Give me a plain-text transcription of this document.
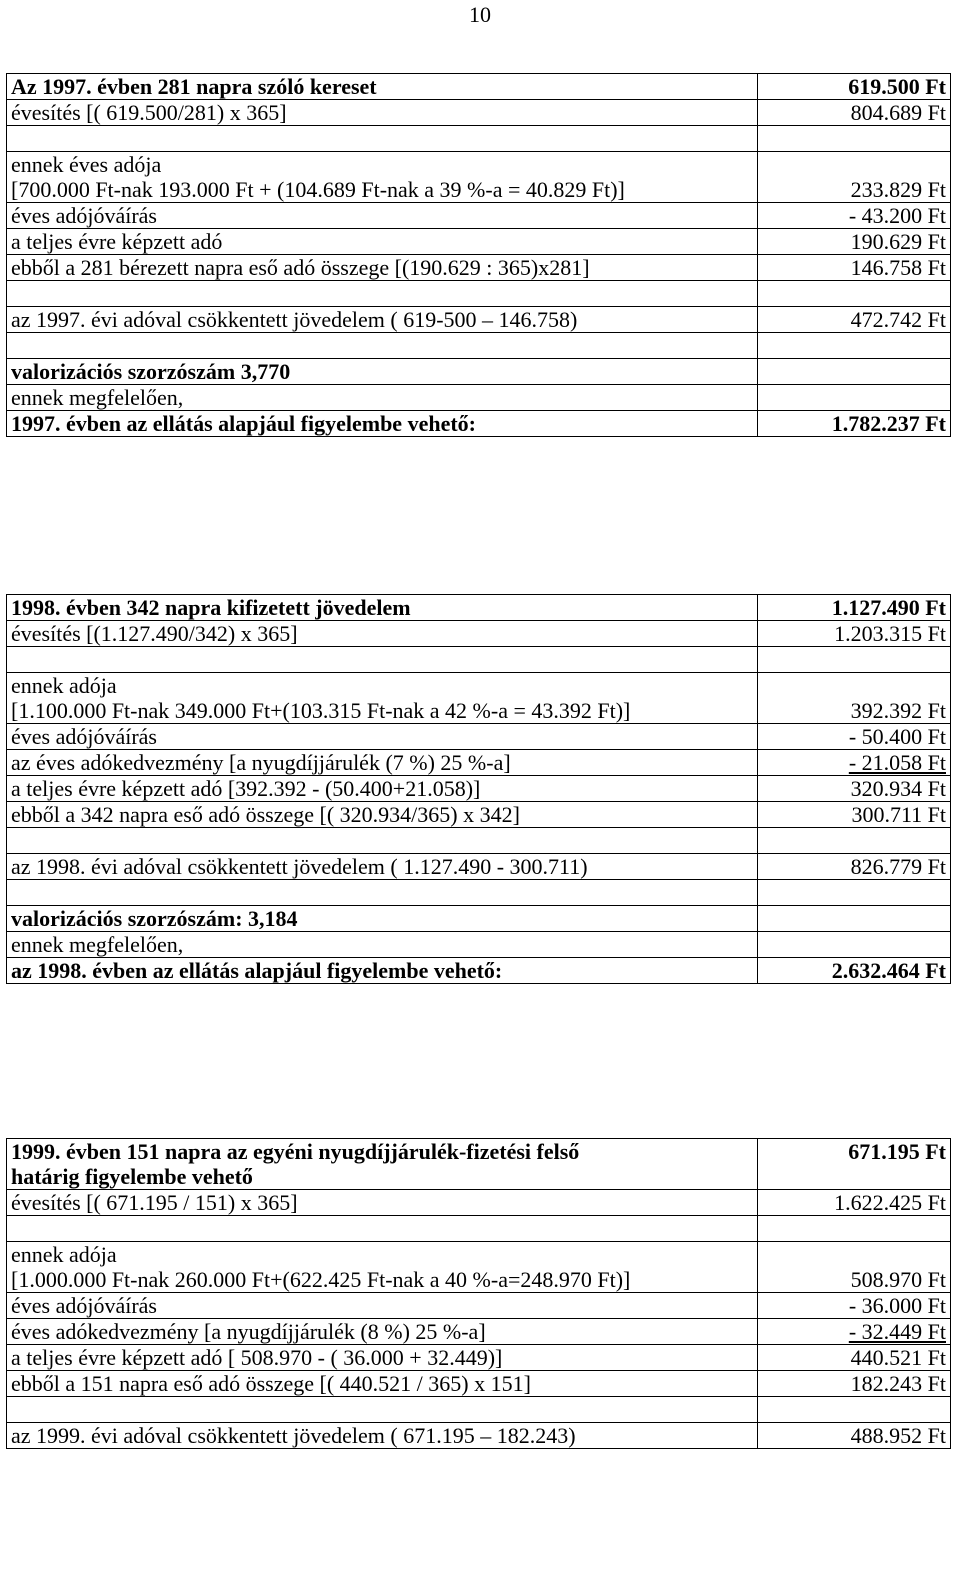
10
Az 1997. évben 281 napra szóló kereset	619.500 Ft

évesítés [( 619.500/281) x 365]	804.689 Ft

ennek éves adója
[700.000 Ft-nak 193.000 Ft + (104.689 Ft-nak a 39 %-a = 40.829 Ft)]	233.829 Ft

éves adójóváírás	- 43.200 Ft

a teljes évre képzett adó	190.629 Ft

ebből a 281 bérezett napra eső adó összege [(190.629 : 365)x281]	146.758 Ft

az 1997. évi adóval csökkentett jövedelem ( 619-500 – 146.758)	472.742 Ft

valorizációs szorzószám 3,770	

ennek megfelelően,	

1997. évben az ellátás alapjául figyelembe vehető:	1.782.237 Ft
1998. évben 342 napra kifizetett jövedelem	1.127.490 Ft

évesítés [(1.127.490/342) x 365]	1.203.315 Ft

ennek adója
[1.100.000 Ft-nak 349.000 Ft+(103.315 Ft-nak a 42 %-a = 43.392 Ft)]	392.392 Ft

éves adójóváírás	- 50.400 Ft

az éves adókedvezmény [a nyugdíjjárulék (7 %) 25 %-a]	- 21.058 Ft

a teljes évre képzett adó [392.392 - (50.400+21.058)]	320.934 Ft

ebből a 342 napra eső adó összege [( 320.934/365) x 342]	300.711 Ft

az 1998. évi adóval csökkentett jövedelem ( 1.127.490 - 300.711)	826.779 Ft

valorizációs szorzószám: 3,184	

ennek megfelelően,	

az 1998. évben az ellátás alapjául figyelembe vehető:	2.632.464 Ft
1999. évben 151 napra az egyéni nyugdíjjárulék-fizetési felső
határig figyelembe vehető	671.195 Ft

évesítés [( 671.195 / 151) x 365]	1.622.425 Ft

ennek adója
[1.000.000 Ft-nak 260.000 Ft+(622.425 Ft-nak a 40 %-a=248.970 Ft)]	508.970 Ft

éves adójóváírás	- 36.000 Ft

éves adókedvezmény [a nyugdíjjárulék (8 %) 25 %-a]	- 32.449 Ft

a teljes évre képzett adó [ 508.970 - ( 36.000 + 32.449)]	440.521 Ft

ebből a 151 napra eső adó összege [( 440.521 / 365) x 151]	182.243 Ft

az 1999. évi adóval csökkentett jövedelem ( 671.195 – 182.243)	488.952 Ft
